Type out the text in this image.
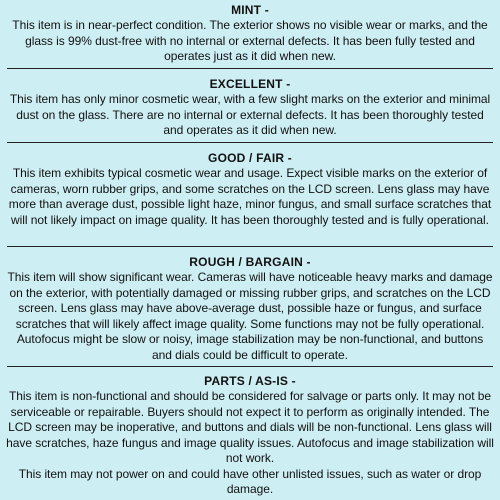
MINT -
This item is in near-perfect condition. The exterior shows no visible wear or marks, and the glass is 99% dust-free with no internal or external defects. It has been fully tested and operates just as it did when new.
EXCELLENT -
This item has only minor cosmetic wear, with a few slight marks on the exterior and minimal dust on the glass. There are no internal or external defects. It has been thoroughly tested and operates as it did when new.
GOOD / FAIR -
This item exhibits typical cosmetic wear and usage. Expect visible marks on the exterior of cameras, worn rubber grips, and some scratches on the LCD screen. Lens glass may have more than average dust, possible light haze, minor fungus, and small surface scratches that will not likely impact on image quality. It has been thoroughly tested and is fully operational.
ROUGH / BARGAIN -
This item will show significant wear. Cameras will have noticeable heavy marks and damage on the exterior, with potentially damaged or missing rubber grips, and scratches on the LCD screen. Lens glass may have above-average dust, possible haze or fungus, and surface scratches that will likely affect image quality. Some functions may not be fully operational. Autofocus might be slow or noisy, image stabilization may be non-functional, and buttons and dials could be difficult to operate.
PARTS / AS-IS -
This item is non-functional and should be considered for salvage or parts only. It may not be serviceable or repairable. Buyers should not expect it to perform as originally intended. The LCD screen may be inoperative, and buttons and dials will be non-functional. Lens glass will have scratches, haze fungus and image quality issues. Autofocus and image stabilization will not work.
This item may not power on and could have other unlisted issues, such as water or drop damage.
